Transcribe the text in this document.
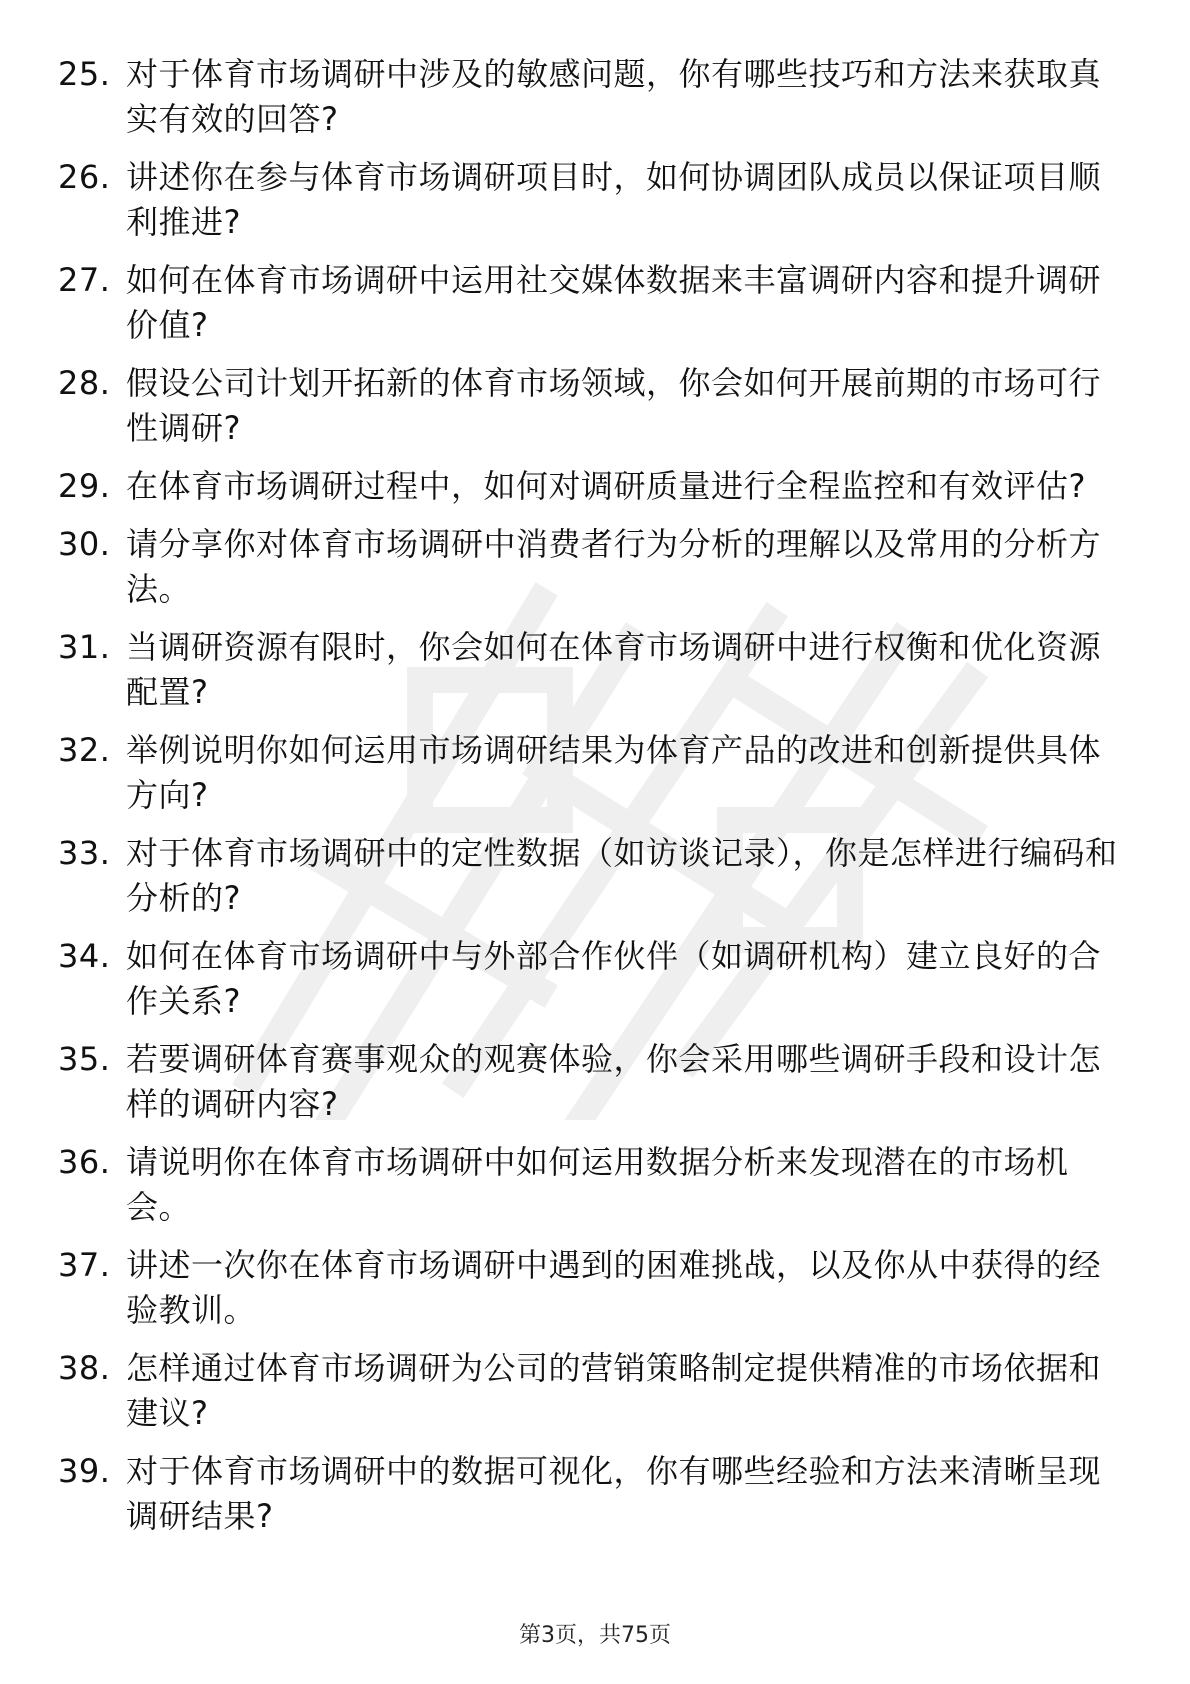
25. 对于体育市场调研中涉及的敏感问题，你有哪些技巧和方法来获取真实有效的回答?
26. 讲述你在参与体育市场调研项目时，如何协调团队成员以保证项目顺利推进?
27. 如何在体育市场调研中运用社交媒体数据来丰富调研内容和提升调研价值?
28. 假设公司计划开拓新的体育市场领域，你会如何开展前期的市场可行性调研?
29. 在体育市场调研过程中，如何对调研质量进行全程监控和有效评估?
30. 请分享你对体育市场调研中消费者行为分析的理解以及常用的分析方法。
31. 当调研资源有限时，你会如何在体育市场调研中进行权衡和优化资源配置?
32. 举例说明你如何运用市场调研结果为体育产品的改进和创新提供具体方向?
33. 对于体育市场调研中的定性数据（如访谈记录），你是怎样进行编码和分析的?
34. 如何在体育市场调研中与外部合作伙伴（如调研机构）建立良好的合作关系?
35. 若要调研体育赛事观众的观赛体验，你会采用哪些调研手段和设计怎样的调研内容?
36. 请说明你在体育市场调研中如何运用数据分析来发现潜在的市场机会。
37. 讲述一次你在体育市场调研中遇到的困难挑战，以及你从中获得的经验教训。
38. 怎样通过体育市场调研为公司的营销策略制定提供精准的市场依据和建议?
39. 对于体育市场调研中的数据可视化，你有哪些经验和方法来清晰呈现调研结果?
第3页，共75页
